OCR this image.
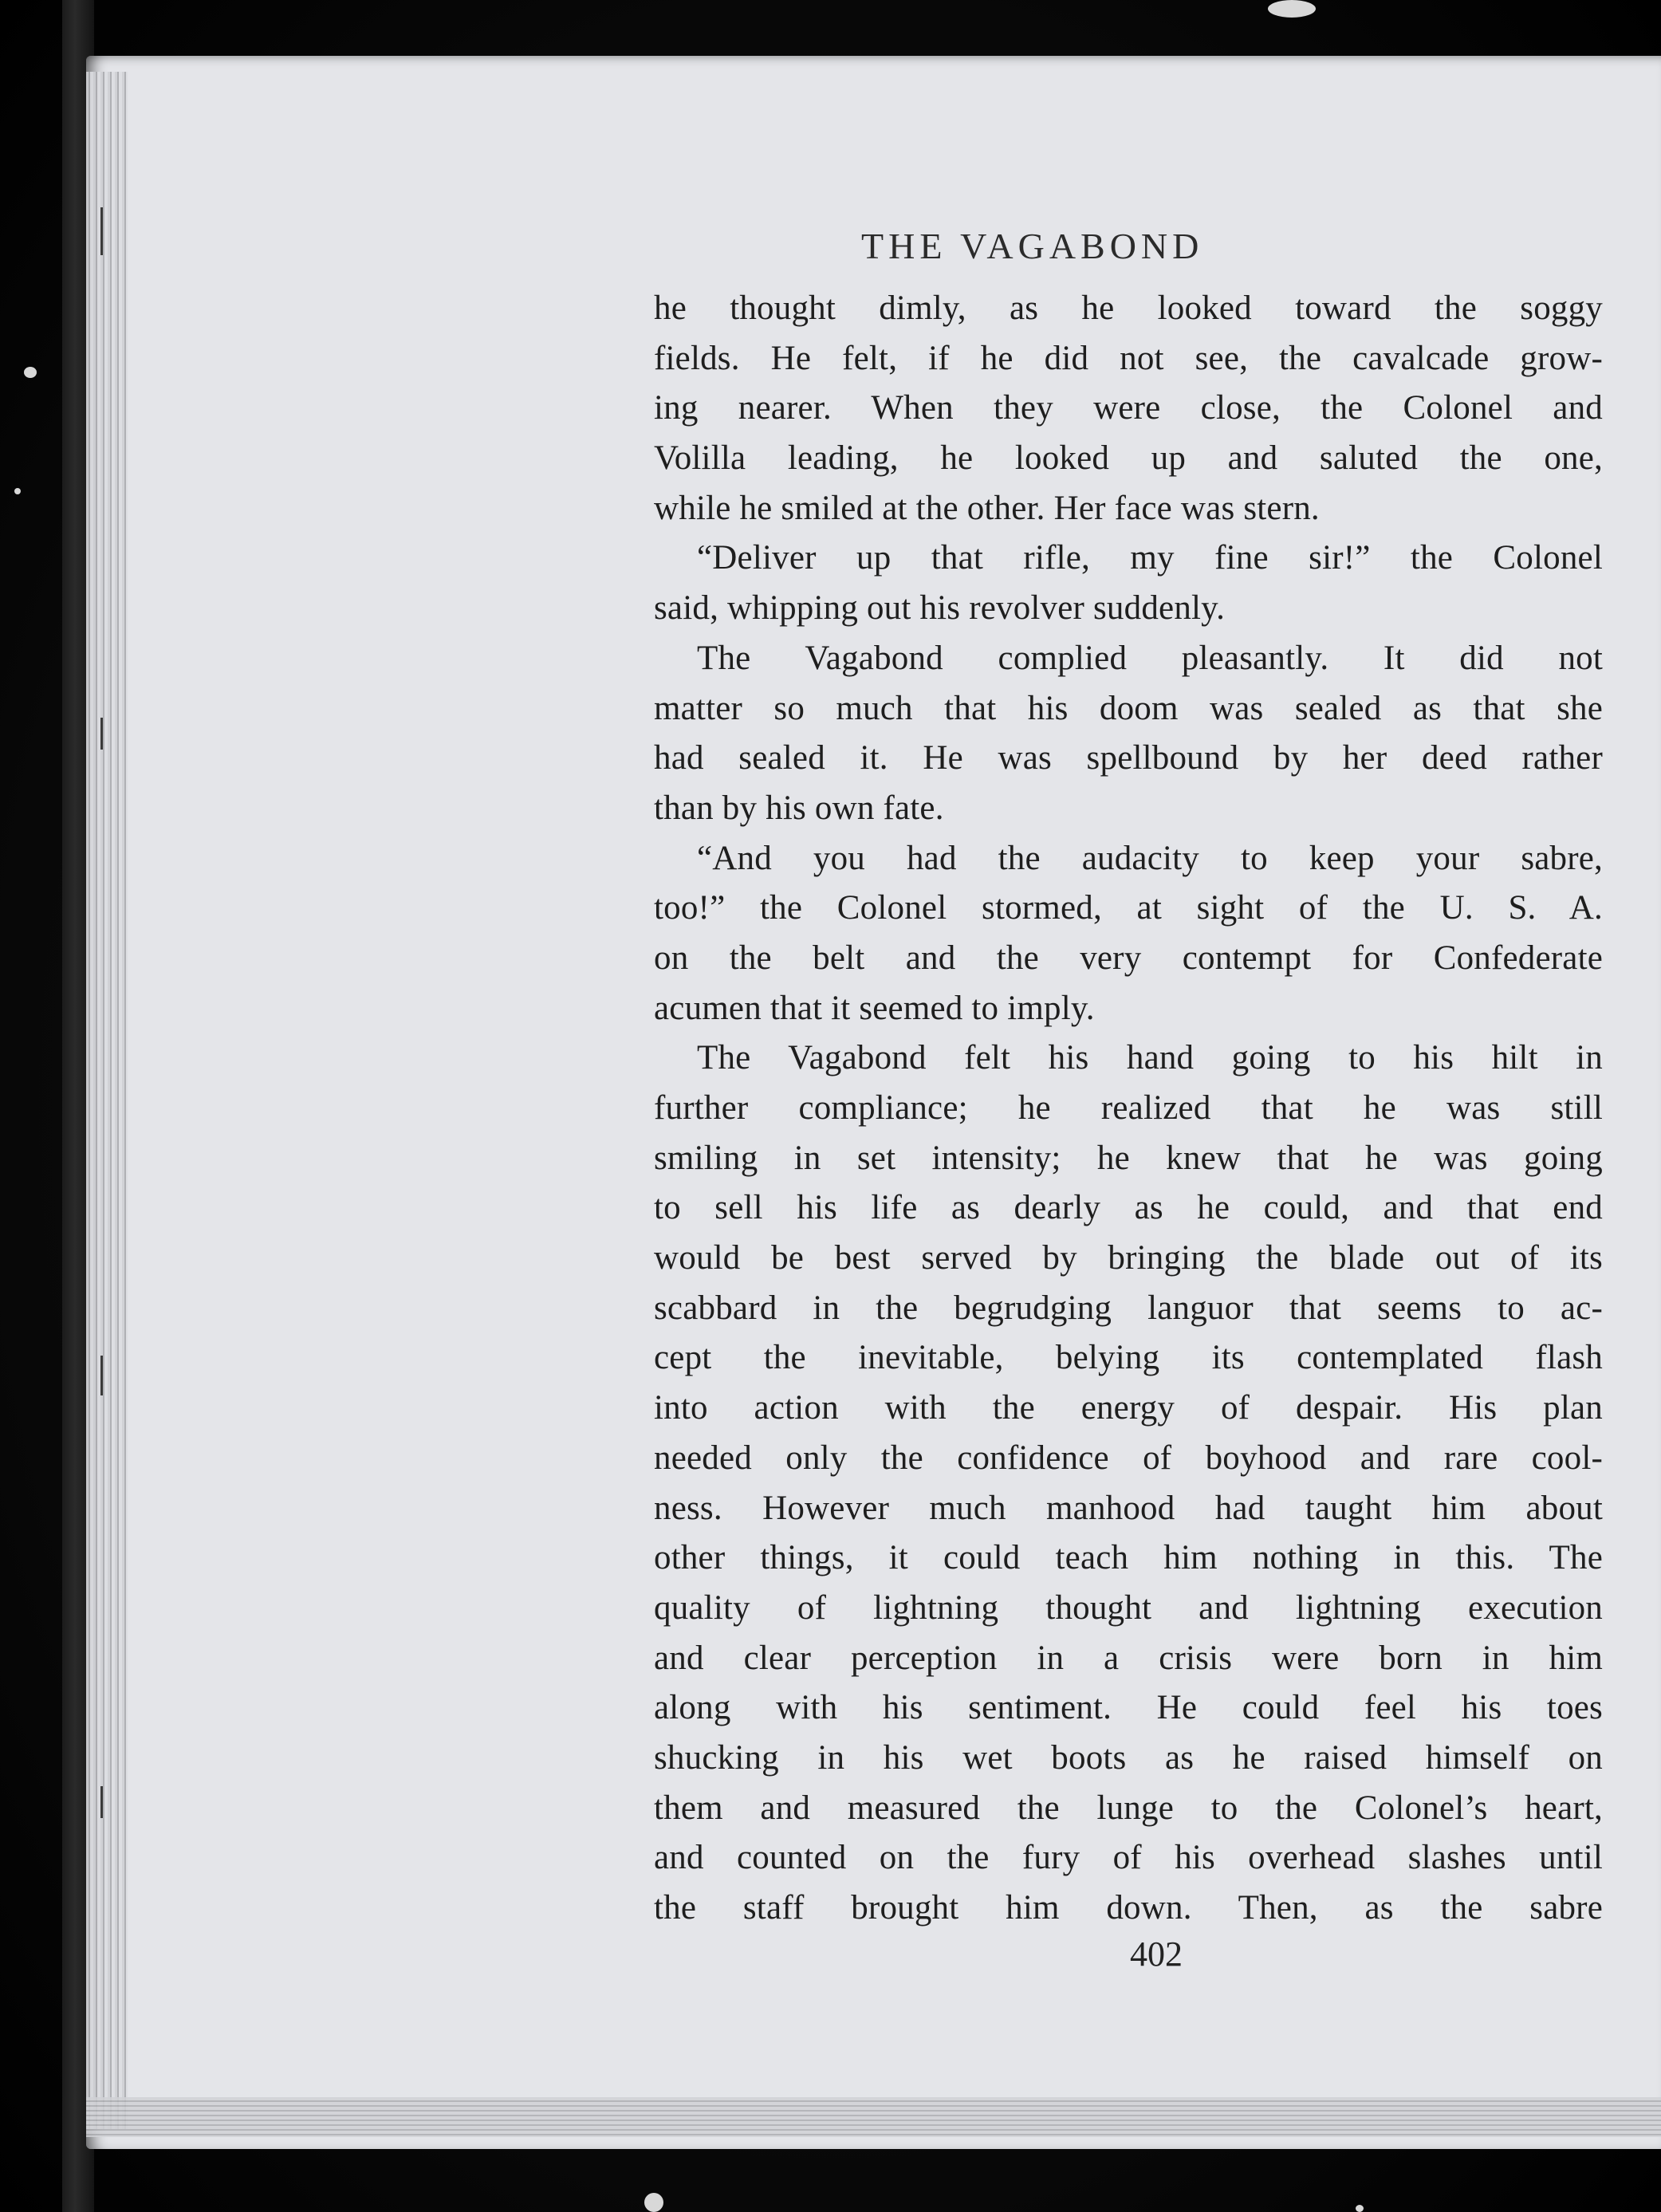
THE VAGABOND
he thought dimly, as he looked toward the soggy
fields. He felt, if he did not see, the cavalcade grow-
ing nearer. When they were close, the Colonel and
Volilla leading, he looked up and saluted the one,
while he smiled at the other. Her face was stern.
“Deliver up that rifle, my fine sir!” the Colonel
said, whipping out his revolver suddenly.
The Vagabond complied pleasantly. It did not
matter so much that his doom was sealed as that she
had sealed it. He was spellbound by her deed rather
than by his own fate.
“And you had the audacity to keep your sabre,
too!” the Colonel stormed, at sight of the U. S. A.
on the belt and the very contempt for Confederate
acumen that it seemed to imply.
The Vagabond felt his hand going to his hilt in
further compliance; he realized that he was still
smiling in set intensity; he knew that he was going
to sell his life as dearly as he could, and that end
would be best served by bringing the blade out of its
scabbard in the begrudging languor that seems to ac-
cept the inevitable, belying its contemplated flash
into action with the energy of despair. His plan
needed only the confidence of boyhood and rare cool-
ness. However much manhood had taught him about
other things, it could teach him nothing in this. The
quality of lightning thought and lightning execution
and clear perception in a crisis were born in him
along with his sentiment. He could feel his toes
shucking in his wet boots as he raised himself on
them and measured the lunge to the Colonel’s heart,
and counted on the fury of his overhead slashes until
the staff brought him down. Then, as the sabre
402
